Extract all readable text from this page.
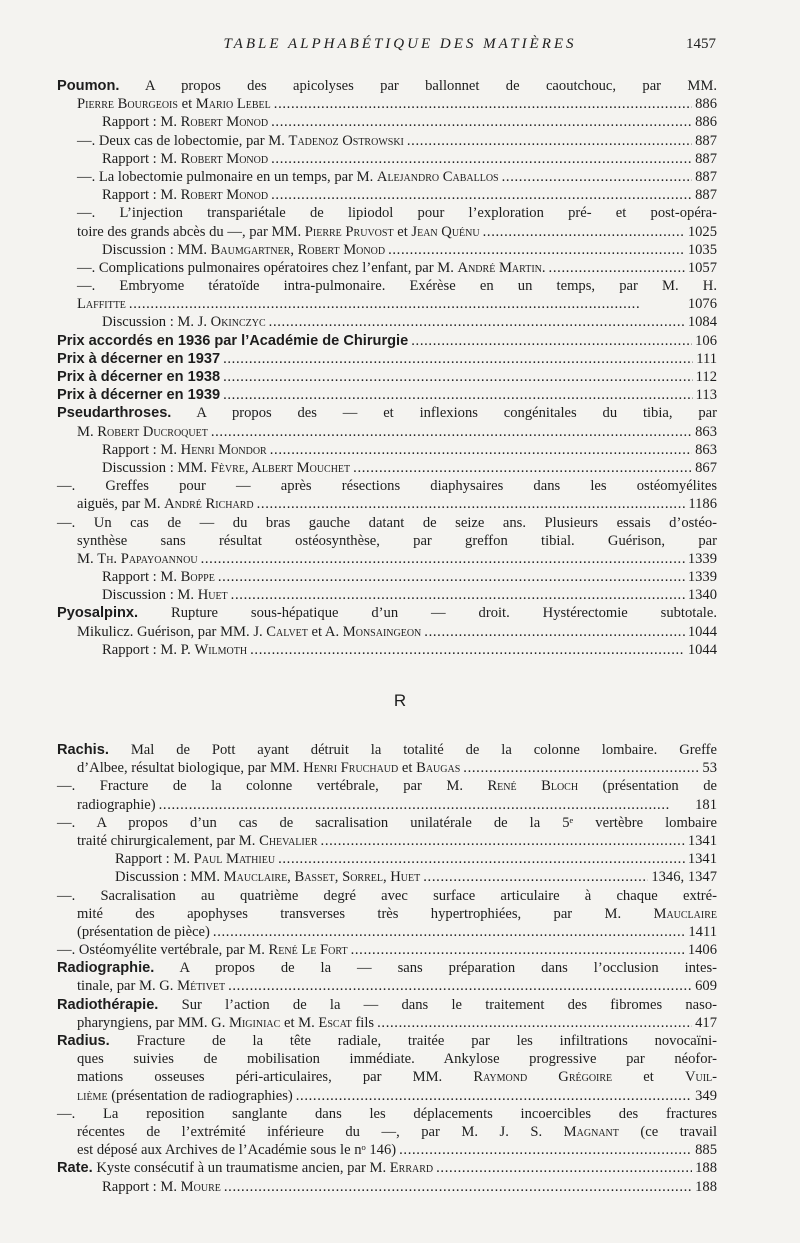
TABLE ALPHABÉTIQUE DES MATIÈRES	1457
Poumon. A propos des apicolyses par ballonnet de caoutchouc, par MM.
Pierre Bourgeois et Mario Lebel . . .	886
Rapport : M. Robert Monod . . .	886
—. Deux cas de lobectomie, par M. Tadenoz Ostrowski . . .	887
Rapport : M. Robert Monod . . .	887
—. La lobectomie pulmonaire en un temps, par M. Alejandro Caballos . . .	887
Rapport : M. Robert Monod . . .	887
—. L’injection transpariétale de lipiodol pour l’exploration pré- et post-opéra-
toire des grands abcès du —, par MM. Pierre Pruvost et Jean Quénu . . .	1025
Discussion : MM. Baumgartner, Robert Monod . . .	1035
—. Complications pulmonaires opératoires chez l’enfant, par M. André Martin. . . .	1057
—. Embryome tératoïde intra-pulmonaire. Exérèse en un temps, par M. H.
Laffitte . . .	1076
Discussion : M. J. Okinczyc . . .	1084
Prix accordés en 1936 par l’Académie de Chirurgie . . .	106
Prix à décerner en 1937 . . .	111
Prix à décerner en 1938 . . .	112
Prix à décerner en 1939 . . .	113
Pseudarthroses. A propos des — et inflexions congénitales du tibia, par
M. Robert Ducroquet . . .	863
Rapport : M. Henri Mondor . . .	863
Discussion : MM. Fèvre, Albert Mouchet . . .	867
—. Greffes pour — après résections diaphysaires dans les ostéomyélites
aiguës, par M. André Richard . . .	1186
—. Un cas de — du bras gauche datant de seize ans. Plusieurs essais d’ostéo-
synthèse sans résultat ostéosynthèse, par greffon tibial. Guérison, par
M. Th. Papayoannou . . .	1339
Rapport : M. Boppe . . .	1339
Discussion : M. Huet . . .	1340
Pyosalpinx. Rupture sous-hépatique d’un — droit. Hystérectomie subtotale.
Mikulicz. Guérison, par MM. J. Calvet et A. Monsaingeon . . .	1044
Rapport : M. P. Wilmoth . . .	1044
R
Rachis. Mal de Pott ayant détruit la totalité de la colonne lombaire. Greffe
d’Albee, résultat biologique, par MM. Henri Fruchaud et Baugas . . .	53
—. Fracture de la colonne vertébrale, par M. René Bloch (présentation de
radiographie) . . .	181
—. A propos d’un cas de sacralisation unilatérale de la 5ᵉ vertèbre lombaire
traité chirurgicalement, par M. Chevalier . . .	1341
Rapport : M. Paul Mathieu . . .	1341
Discussion : MM. Mauclaire, Basset, Sorrel, Huet . . .	1346, 1347
—. Sacralisation au quatrième degré avec surface articulaire à chaque extré-
mité des apophyses transverses très hypertrophiées, par M. Mauclaire
(présentation de pièce) . . .	1411
—. Ostéomyélite vertébrale, par M. René Le Fort . . .	1406
Radiographie. A propos de la — sans préparation dans l’occlusion intes-
tinale, par M. G. Métivet . . .	609
Radiothérapie. Sur l’action de la — dans le traitement des fibromes naso-
pharyngiens, par MM. G. Miginiac et M. Escat fils . . .	417
Radius. Fracture de la tête radiale, traitée par les infiltrations novocaïni-
ques suivies de mobilisation immédiate. Ankylose progressive par néofor-
mations osseuses péri-articulaires, par MM. Raymond Grégoire et Vuil-
lième (présentation de radiographies) . . .	349
—. La reposition sanglante dans les déplacements incoercibles des fractures
récentes de l’extrémité inférieure du —, par M. J. S. Magnant (ce travail
est déposé aux Archives de l’Académie sous le nᵒ 146) . . .	885
Rate. Kyste consécutif à un traumatisme ancien, par M. Errard . . .	188
Rapport : M. Moure . . .	188
